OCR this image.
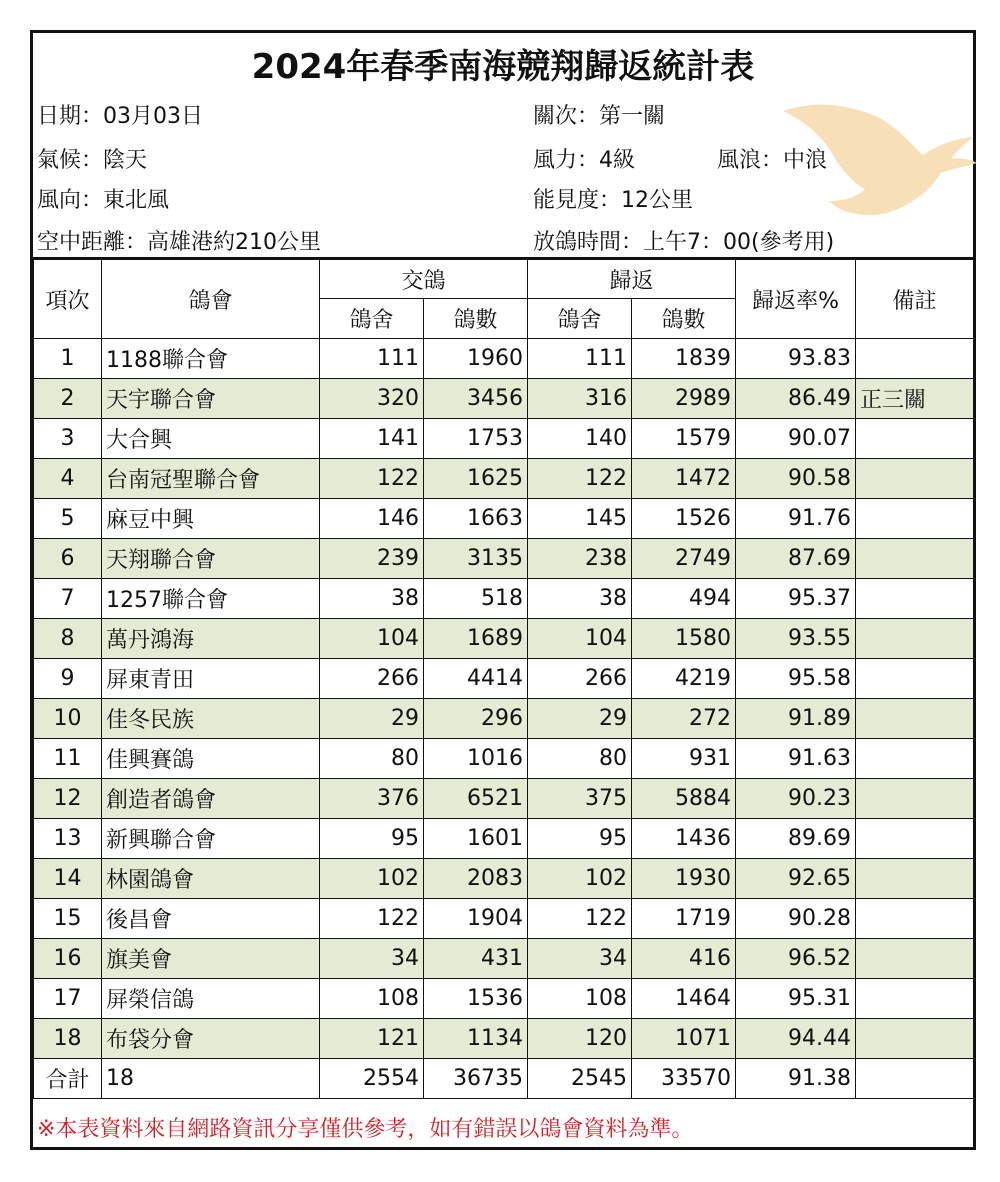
2024年春季南海競翔歸返統計表
日期：03月03日
氣候：陰天
風向：東北風
空中距離：高雄港約210公里
關次：第一關
風力：4級	風浪：中浪
能見度：12公里
放鴿時間：上午7：00(參考用)
項次	鴿會	交鴿		歸返		歸返率%	備註
		鴿舍	鴿數	鴿舍	鴿數		
1	1188聯合會	111	1960	111	1839	93.83	
2	天宇聯合會	320	3456	316	2989	86.49	正三關
3	大合興	141	1753	140	1579	90.07	
4	台南冠聖聯合會	122	1625	122	1472	90.58	
5	麻豆中興	146	1663	145	1526	91.76	
6	天翔聯合會	239	3135	238	2749	87.69	
7	1257聯合會	38	518	38	494	95.37	
8	萬丹鴻海	104	1689	104	1580	93.55	
9	屏東青田	266	4414	266	4219	95.58	
10	佳冬民族	29	296	29	272	91.89	
11	佳興賽鴿	80	1016	80	931	91.63	
12	創造者鴿會	376	6521	375	5884	90.23	
13	新興聯合會	95	1601	95	1436	89.69	
14	林園鴿會	102	2083	102	1930	92.65	
15	後昌會	122	1904	122	1719	90.28	
16	旗美會	34	431	34	416	96.52	
17	屏榮信鴿	108	1536	108	1464	95.31	
18	布袋分會	121	1134	120	1071	94.44	
合計	18	2554	36735	2545	33570	91.38	
※本表資料來自網路資訊分享僅供參考，如有錯誤以鴿會資料為準。
